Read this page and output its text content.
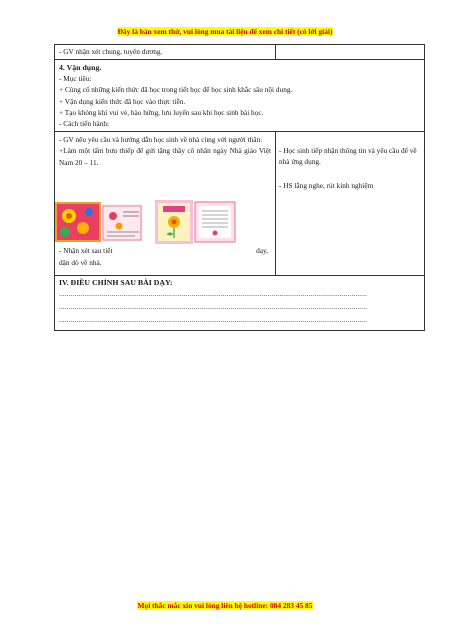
Đây là bản xem thử, vui lòng mua tài liệu để xem chi tiết (có lời giải)
- GV nhận xét chung, tuyên dương.
4. Vận dụng.
- Mục tiêu:
+ Củng cố những kiến thức đã học trong tiết học để học sinh khắc sâu nội dung.
+ Vận dụng kiến thức đã học vào thực tiễn.
+ Tạo khóng khí vui vẻ, hào hứng, lưu luyến sau khi học sinh bài học.
- Cách tiến hành:
- GV nêu yêu cầu và hướng dẫn học sinh về nhà cùng với người thân:
+Làm một tấm bưu thiếp để gửi tặng thầy cô nhân ngày Nhà giáo Việt Nam 20 – 11.
- Nhận xét sau tiết	dạy,
dặn dò về nhà.
- Học sinh tiếp nhận thông tin và yêu cầu để về nhà ứng dụng.
- HS lắng nghe, rút kinh nghiệm
IV. ĐIỀU CHỈNH SAU BÀI DẠY:
..............................................................................................................................................................
..............................................................................................................................................................
..............................................................................................................................................................
Mọi thắc mắc xin vui lòng liên hệ hotline: 084 283 45 85
